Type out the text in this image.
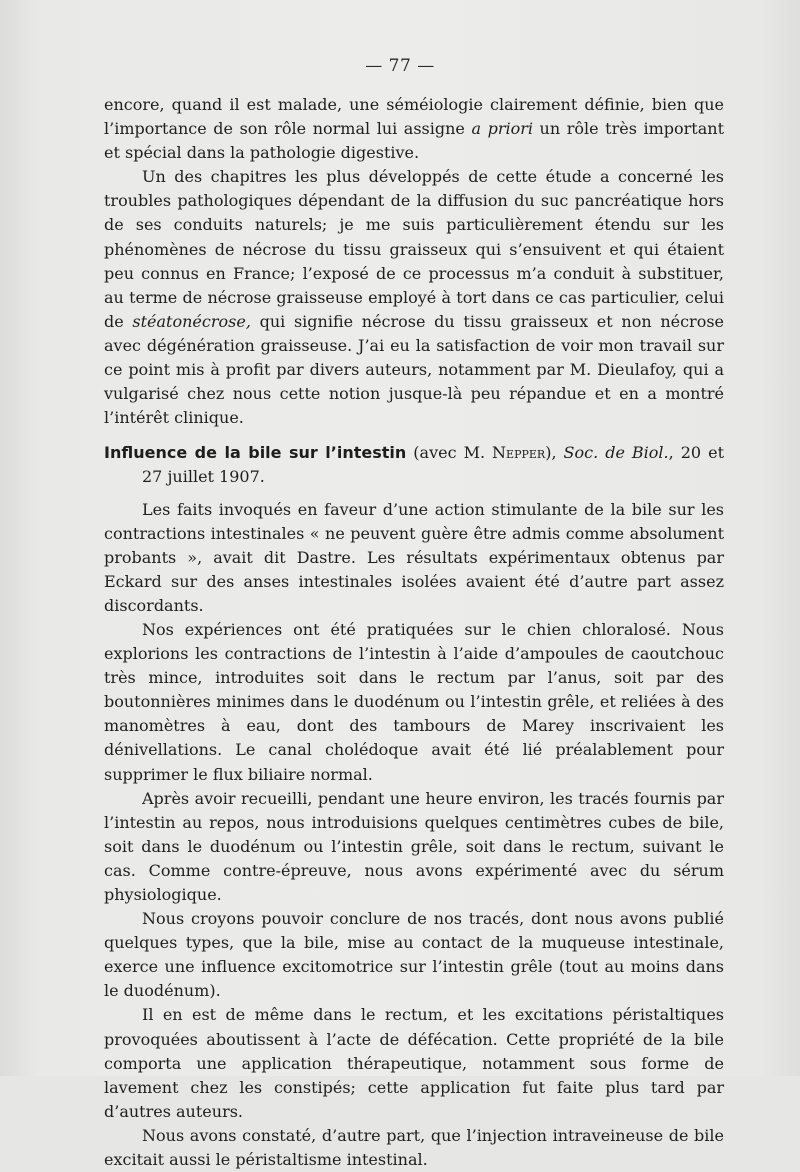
— 77 —

encore, quand il est malade, une séméiologie clairement définie, bien que l’importance de son rôle normal lui assigne a priori un rôle très important et spécial dans la pathologie digestive.

Un des chapitres les plus développés de cette étude a concerné les troubles pathologiques dépendant de la diffusion du suc pancréatique hors de ses conduits naturels; je me suis particulièrement étendu sur les phénomènes de nécrose du tissu graisseux qui s’ensuivent et qui étaient peu connus en France; l’exposé de ce processus m’a conduit à substituer, au terme de nécrose graisseuse employé à tort dans ce cas particulier, celui de stéatonécrose, qui signifie nécrose du tissu graisseux et non nécrose avec dégénération graisseuse. J’ai eu la satisfaction de voir mon travail sur ce point mis à profit par divers auteurs, notamment par M. Dieulafoy, qui a vulgarisé chez nous cette notion jusque-là peu répandue et en a montré l’intérêt clinique.

Influence de la bile sur l’intestin (avec M. Nepper), Soc. de Biol., 20 et 27 juillet 1907.

Les faits invoqués en faveur d’une action stimulante de la bile sur les contractions intestinales « ne peuvent guère être admis comme absolument probants », avait dit Dastre. Les résultats expérimentaux obtenus par Eckard sur des anses intestinales isolées avaient été d’autre part assez discordants.

Nos expériences ont été pratiquées sur le chien chloralosé. Nous explorions les contractions de l’intestin à l’aide d’ampoules de caoutchouc très mince, introduites soit dans le rectum par l’anus, soit par des boutonnières minimes dans le duodénum ou l’intestin grêle, et reliées à des manomètres à eau, dont des tambours de Marey inscrivaient les dénivellations. Le canal cholédoque avait été lié préalablement pour supprimer le flux biliaire normal.

Après avoir recueilli, pendant une heure environ, les tracés fournis par l’intestin au repos, nous introduisions quelques centimètres cubes de bile, soit dans le duodénum ou l’intestin grêle, soit dans le rectum, suivant le cas. Comme contre-épreuve, nous avons expérimenté avec du sérum physiologique.

Nous croyons pouvoir conclure de nos tracés, dont nous avons publié quelques types, que la bile, mise au contact de la muqueuse intestinale, exerce une influence excitomotrice sur l’intestin grêle (tout au moins dans le duodénum).

Il en est de même dans le rectum, et les excitations péristaltiques provoquées aboutissent à l’acte de défécation. Cette propriété de la bile comporta une application thérapeutique, notamment sous forme de lavement chez les constipés; cette application fut faite plus tard par d’autres auteurs.

Nous avons constaté, d’autre part, que l’injection intraveineuse de bile excitait aussi le péristaltisme intestinal.
